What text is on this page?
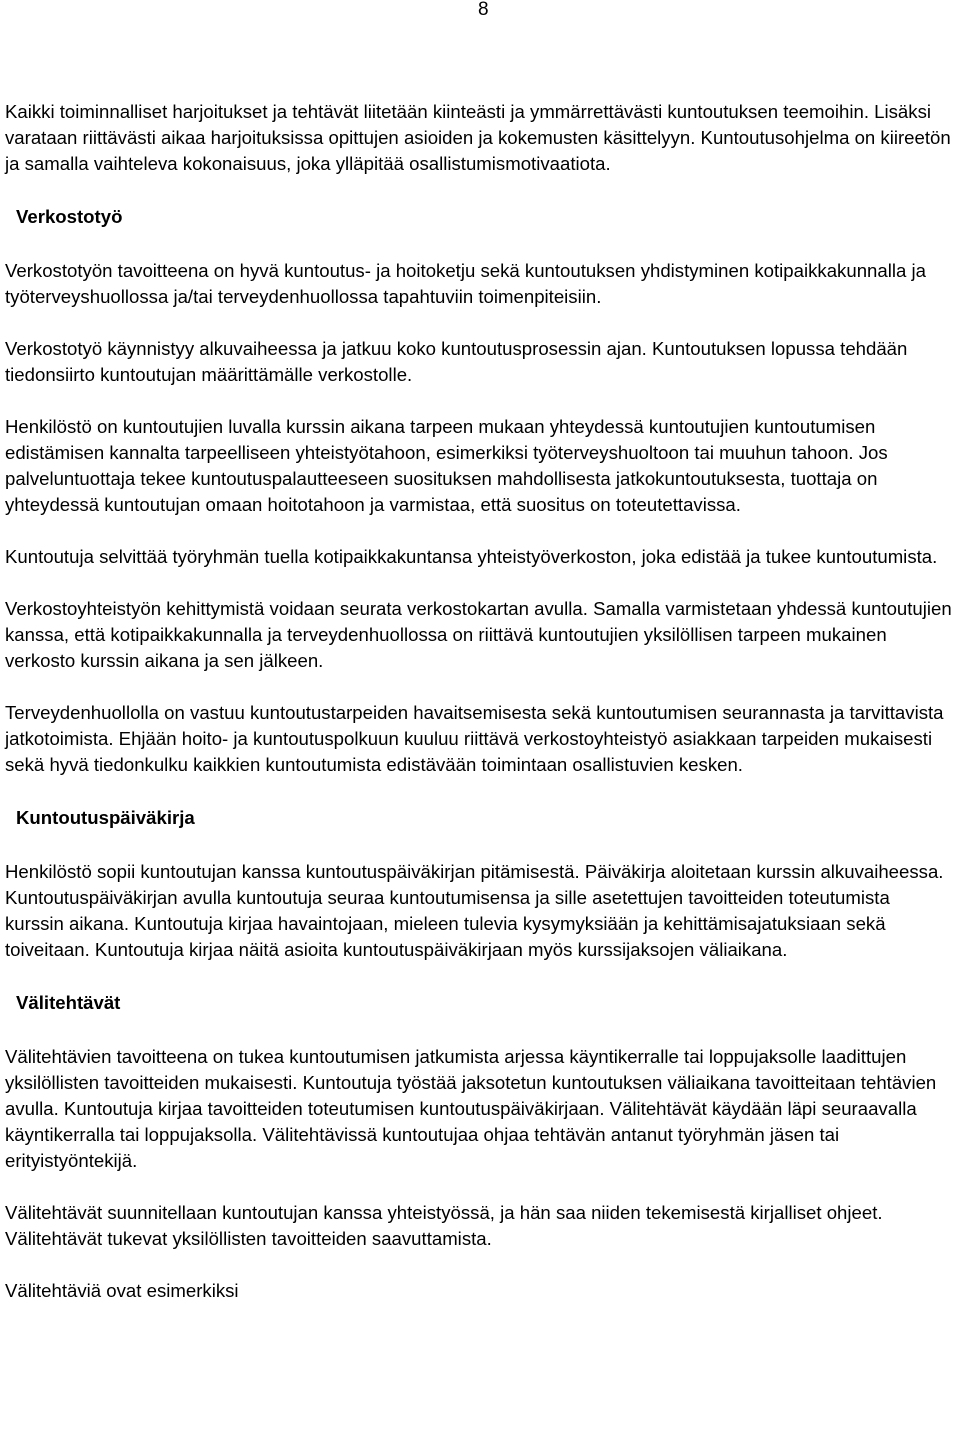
8

Kaikki toiminnalliset harjoitukset ja tehtävät liitetään kiinteästi ja ymmärrettävästi kuntoutuksen teemoihin. Lisäksi varataan riittävästi aikaa harjoituksissa opittujen asioiden ja kokemusten käsittelyyn. Kuntoutusohjelma on kiireetön ja samalla vaihteleva kokonaisuus, joka ylläpitää osallistumismotivaatiota.

Verkostotyö

Verkostotyön tavoitteena on hyvä kuntoutus- ja hoitoketju sekä kuntoutuksen yhdistyminen kotipaikkakunnalla ja työterveyshuollossa ja/tai terveydenhuollossa tapahtuviin toimenpiteisiin.

Verkostotyö käynnistyy alkuvaiheessa ja jatkuu koko kuntoutusprosessin ajan. Kuntoutuksen lopussa tehdään tiedonsiirto kuntoutujan määrittämälle verkostolle.

Henkilöstö on kuntoutujien luvalla kurssin aikana tarpeen mukaan yhteydessä kuntoutujien kuntoutumisen edistämisen kannalta tarpeelliseen yhteistyötahoon, esimerkiksi työterveyshuoltoon tai muuhun tahoon. Jos palveluntuottaja tekee kuntoutuspalautteeseen suosituksen mahdollisesta jatkokuntoutuksesta, tuottaja on yhteydessä kuntoutujan omaan hoitotahoon ja varmistaa, että suositus on toteutettavissa.

Kuntoutuja selvittää työryhmän tuella kotipaikkakuntansa yhteistyöverkoston, joka edistää ja tukee kuntoutumista.

Verkostoyhteistyön kehittymistä voidaan seurata verkostokartan avulla. Samalla varmistetaan yhdessä kuntoutujien kanssa, että kotipaikkakunnalla ja terveydenhuollossa on riittävä kuntoutujien yksilöllisen tarpeen mukainen verkosto kurssin aikana ja sen jälkeen.

Terveydenhuollolla on vastuu kuntoutustarpeiden havaitsemisesta sekä kuntoutumisen seurannasta ja tarvittavista jatkotoimista. Ehjään hoito- ja kuntoutuspolkuun kuuluu riittävä verkostoyhteistyö asiakkaan tarpeiden mukaisesti sekä hyvä tiedonkulku kaikkien kuntoutumista edistävään toimintaan osallistuvien kesken.

Kuntoutuspäiväkirja

Henkilöstö sopii kuntoutujan kanssa kuntoutuspäiväkirjan pitämisestä. Päiväkirja aloitetaan kurssin alkuvaiheessa. Kuntoutuspäiväkirjan avulla kuntoutuja seuraa kuntoutumisensa ja sille asetettujen tavoitteiden toteutumista kurssin aikana. Kuntoutuja kirjaa havaintojaan, mieleen tulevia kysymyksiään ja kehittämisajatuksiaan sekä toiveitaan. Kuntoutuja kirjaa näitä asioita kuntoutuspäiväkirjaan myös kurssijaksojen väliaikana.

Välitehtävät

Välitehtävien tavoitteena on tukea kuntoutumisen jatkumista arjessa käyntikerralle tai loppujaksolle laadittujen yksilöllisten tavoitteiden mukaisesti. Kuntoutuja työstää jaksotetun kuntoutuksen väliaikana tavoitteitaan tehtävien avulla. Kuntoutuja kirjaa tavoitteiden toteutumisen kuntoutuspäiväkirjaan. Välitehtävät käydään läpi seuraavalla käyntikerralla tai loppujaksolla. Välitehtävissä kuntoutujaa ohjaa tehtävän antanut työryhmän jäsen tai erityistyöntekijä.

Välitehtävät suunnitellaan kuntoutujan kanssa yhteistyössä, ja hän saa niiden tekemisestä kirjalliset ohjeet. Välitehtävät tukevat yksilöllisten tavoitteiden saavuttamista.

Välitehtäviä ovat esimerkiksi
